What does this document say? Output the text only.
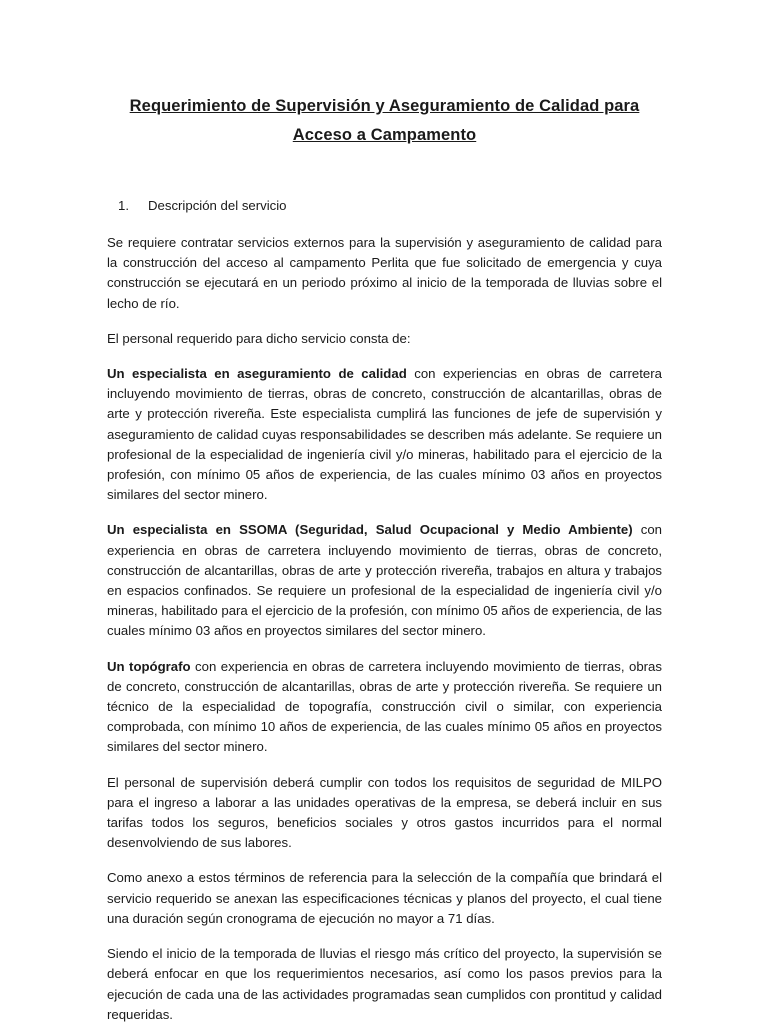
Requerimiento de Supervisión y Aseguramiento de Calidad para Acceso a Campamento
1.	Descripción del servicio

Se requiere contratar servicios externos para la supervisión y aseguramiento de calidad para la construcción del acceso al campamento Perlita que fue solicitado de emergencia y cuya construcción se ejecutará en un periodo próximo al inicio de la temporada de lluvias sobre el lecho de río.

El personal requerido para dicho servicio consta de:

Un especialista en aseguramiento de calidad con experiencias en obras de carretera incluyendo movimiento de tierras, obras de concreto, construcción de alcantarillas, obras de arte y protección rivereña. Este especialista cumplirá las funciones de jefe de supervisión y aseguramiento de calidad cuyas responsabilidades se describen más adelante. Se requiere un profesional de la especialidad de ingeniería civil y/o mineras, habilitado para el ejercicio de la profesión, con mínimo 05 años de experiencia, de las cuales mínimo 03 años en proyectos similares del sector minero.

Un especialista en SSOMA (Seguridad, Salud Ocupacional y Medio Ambiente) con experiencia en obras de carretera incluyendo movimiento de tierras, obras de concreto, construcción de alcantarillas, obras de arte y protección rivereña, trabajos en altura y trabajos en espacios confinados. Se requiere un profesional de la especialidad de ingeniería civil y/o mineras, habilitado para el ejercicio de la profesión, con mínimo 05 años de experiencia, de las cuales mínimo 03 años en proyectos similares del sector minero.

Un topógrafo con experiencia en obras de carretera incluyendo movimiento de tierras, obras de concreto, construcción de alcantarillas, obras de arte y protección rivereña. Se requiere un técnico de la especialidad de topografía, construcción civil o similar, con experiencia comprobada, con mínimo 10 años de experiencia, de las cuales mínimo 05 años en proyectos similares del sector minero.

El personal de supervisión deberá cumplir con todos los requisitos de seguridad de MILPO para el ingreso a laborar a las unidades operativas de la empresa, se deberá incluir en sus tarifas todos los seguros, beneficios sociales y otros gastos incurridos para el normal desenvolviendo de sus labores.

Como anexo a estos términos de referencia para la selección de la compañía que brindará el servicio requerido se anexan las especificaciones técnicas y planos del proyecto, el cual tiene una duración según cronograma de ejecución no mayor a 71 días.

Siendo el inicio de la temporada de lluvias el riesgo más crítico del proyecto, la supervisión se deberá enfocar en que los requerimientos necesarios, así como los pasos previos para la ejecución de cada una de las actividades programadas sean cumplidos con prontitud y calidad requeridas.
